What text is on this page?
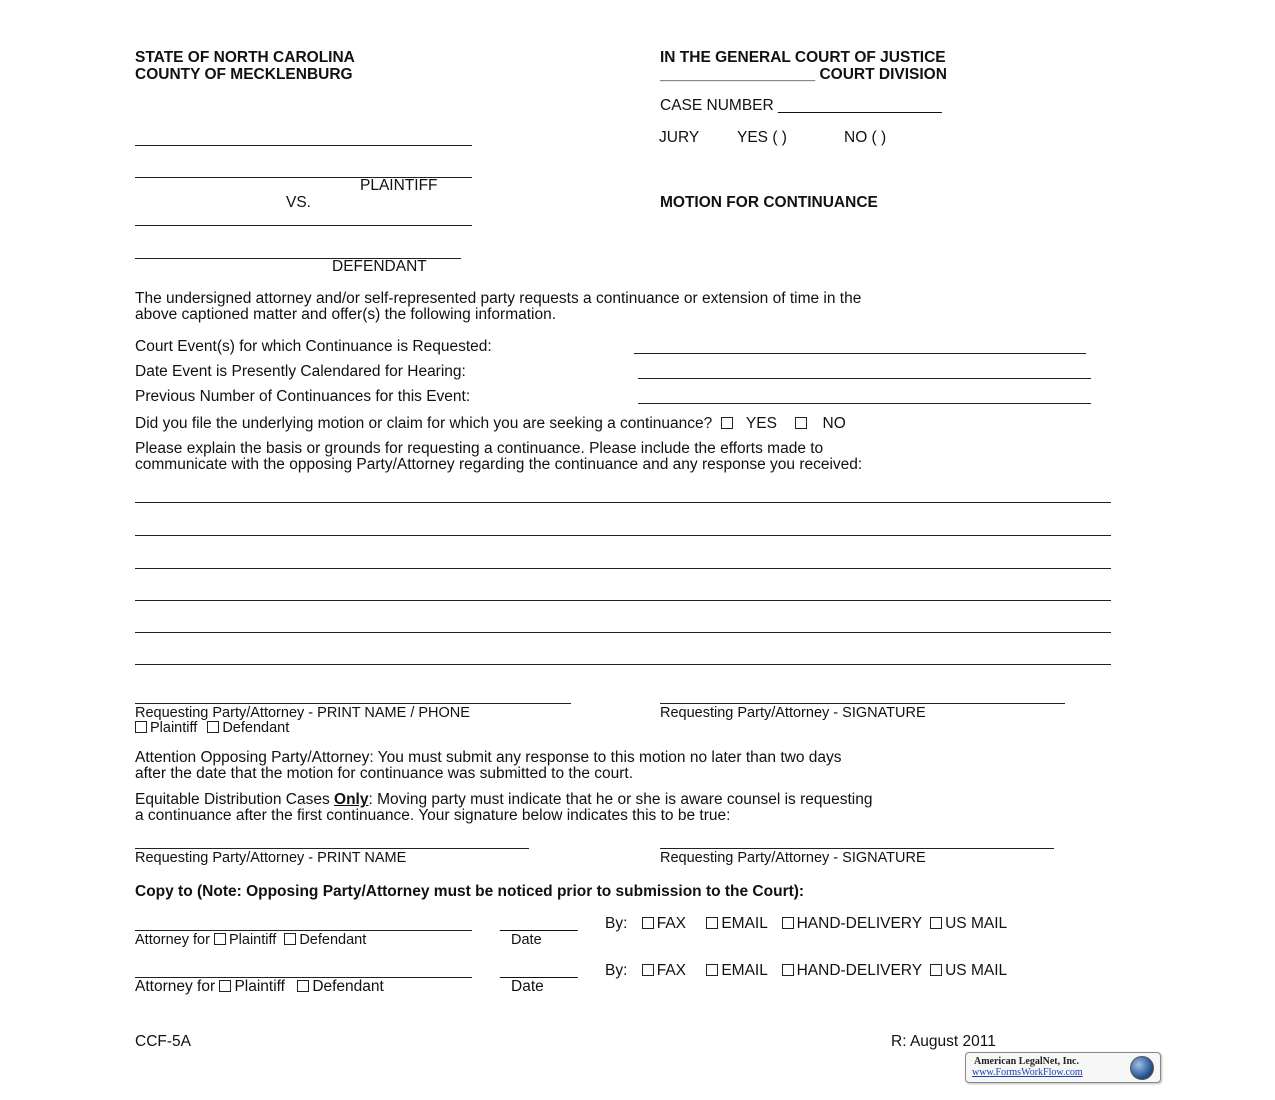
STATE OF NORTH CAROLINA
COUNTY OF MECKLENBURG
IN THE GENERAL COURT OF JUSTICE
__________________ COURT DIVISION
CASE NUMBER ___________________
JURY YES ( )	NO ( )
PLAINTIFF
VS.
DEFENDANT
MOTION FOR CONTINUANCE
The undersigned attorney and/or self-represented party requests a continuance or extension of time in the
above captioned matter and offer(s) the following information.
Court Event(s) for which Continuance is Requested:
Date Event is Presently Calendared for Hearing:
Previous Number of Continuances for this Event:
Did you file the underlying motion or claim for which you are seeking a continuance? YES	NO
Please explain the basis or grounds for requesting a continuance. Please include the efforts made to
communicate with the opposing Party/Attorney regarding the continuance and any response you received:
Requesting Party/Attorney - PRINT NAME / PHONE	Requesting Party/Attorney - SIGNATURE
Plaintiff Defendant
Attention Opposing Party/Attorney: You must submit any response to this motion no later than two days
after the date that the motion for continuance was submitted to the court.
Equitable Distribution Cases Only: Moving party must indicate that he or she is aware counsel is requesting
a continuance after the first continuance. Your signature below indicates this to be true:
Requesting Party/Attorney - PRINT NAME	Requesting Party/Attorney - SIGNATURE
Copy to (Note: Opposing Party/Attorney must be noticed prior to submission to the Court):
_________ By: FAX EMAIL HAND-DELIVERY US MAIL
Attorney for Plaintiff Defendant	Date
_________ By: FAX EMAIL HAND-DELIVERY US MAIL
Attorney for Plaintiff Defendant	Date
CCF-5A	R: August 2011
American LegalNet, Inc.
www.FormsWorkFlow.com
